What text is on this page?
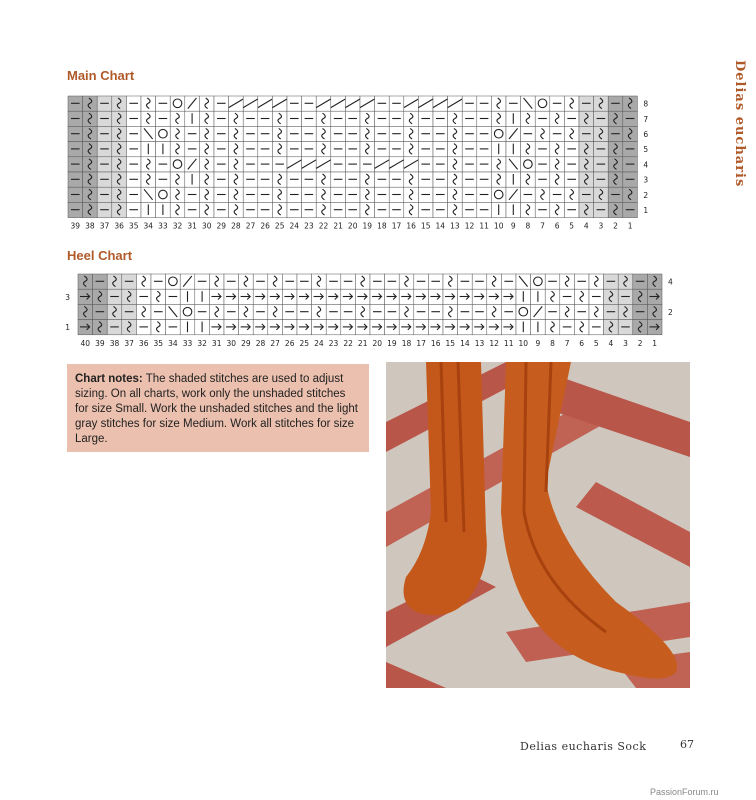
Delias eucharis
Main Chart
39 38 37 36 35 34 33 32 31 30 29 28 27 26 25 24 23 22 21 20 19 18 17 16 15 14 13 12 11 10 9 8 7 6 5 4 3 2 1
8
7
6
5
4
3
2
1
Heel Chart
40 39 38 37 36 35 34 33 32 31 30 29 28 27 26 25 24 23 22 21 20 19 18 17 16 15 14 13 12 11 10 9 8 7 6 5 4 3 2 1
4
2
3
1
Chart notes: The shaded stitches are used to adjust sizing. On all charts, work only the unshaded stitches for size Small. Work the unshaded stitches and the light gray stitches for size Medium. Work all stitches for size Large.
Delias eucharis Sock	67
PassionForum.ru
